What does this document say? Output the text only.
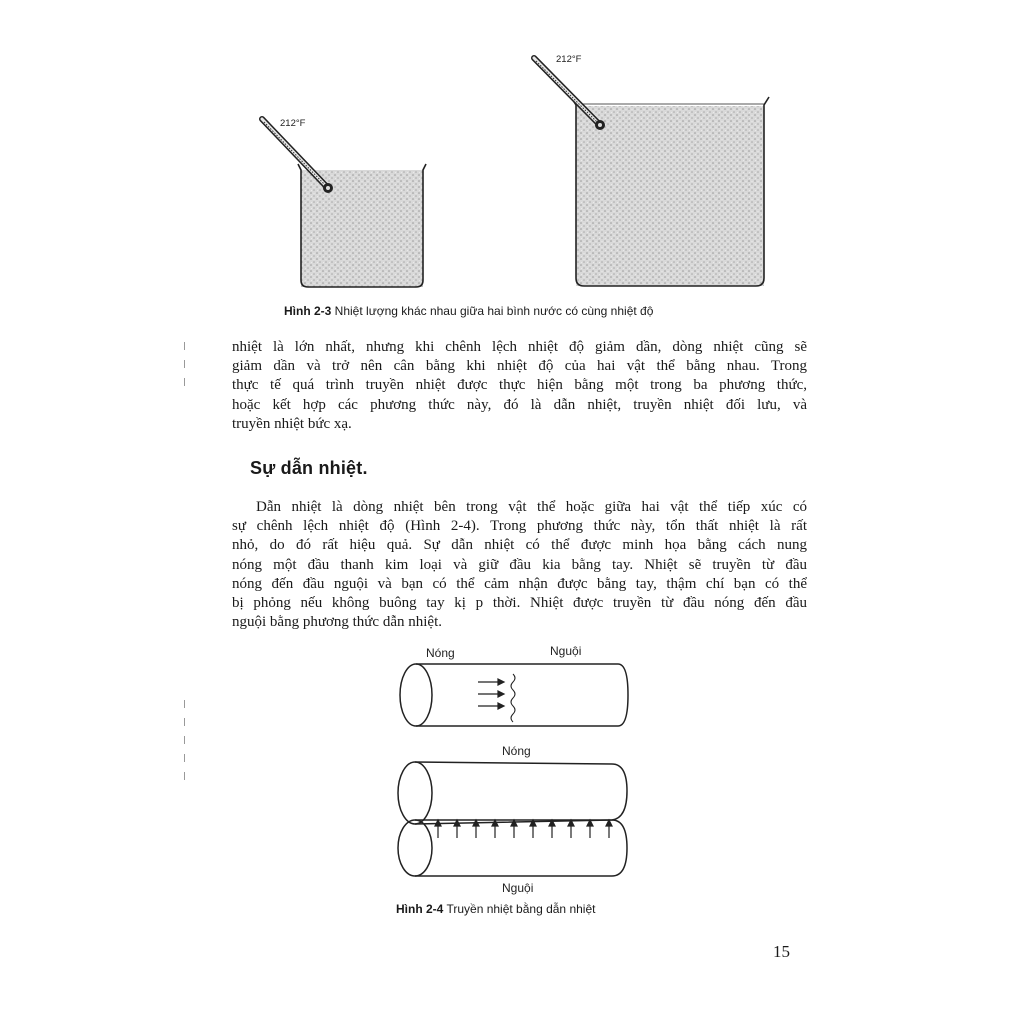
212°F
212°F
Hình 2-3 Nhiệt lượng khác nhau giữa hai bình nước có cùng nhiệt độ
nhiệt là lớn nhất, nhưng khi chênh lệch nhiệt độ giảm dần, dòng nhiệt cũng sẽ
giảm dần và trở nên cân bằng khi nhiệt độ của hai vật thể bằng nhau. Trong
thực tế quá trình truyền nhiệt được thực hiện bằng một trong ba phương thức,
hoặc kết hợp các phương thức này, đó là dẫn nhiệt, truyền nhiệt đối lưu, và
truyền nhiệt bức xạ.
Sự dẫn nhiệt.
Dẫn nhiệt là dòng nhiệt bên trong vật thể hoặc giữa hai vật thể tiếp xúc có
sự chênh lệch nhiệt độ (Hình 2-4). Trong phương thức này, tổn thất nhiệt là rất
nhỏ, do đó rất hiệu quả. Sự dẫn nhiệt có thể được minh họa bằng cách nung
nóng một đầu thanh kim loại và giữ đầu kia bằng tay. Nhiệt sẽ truyền từ đầu
nóng đến đầu nguội và bạn có thể cảm nhận được bằng tay, thậm chí bạn có thể
bị phỏng nếu không buông tay kị p thời. Nhiệt được truyền từ đầu nóng đến đầu
nguội bằng phương thức dẫn nhiệt.
Nóng	Nguội
Nóng
Nguội
Hình 2-4 Truyền nhiệt bằng dẫn nhiệt
15
